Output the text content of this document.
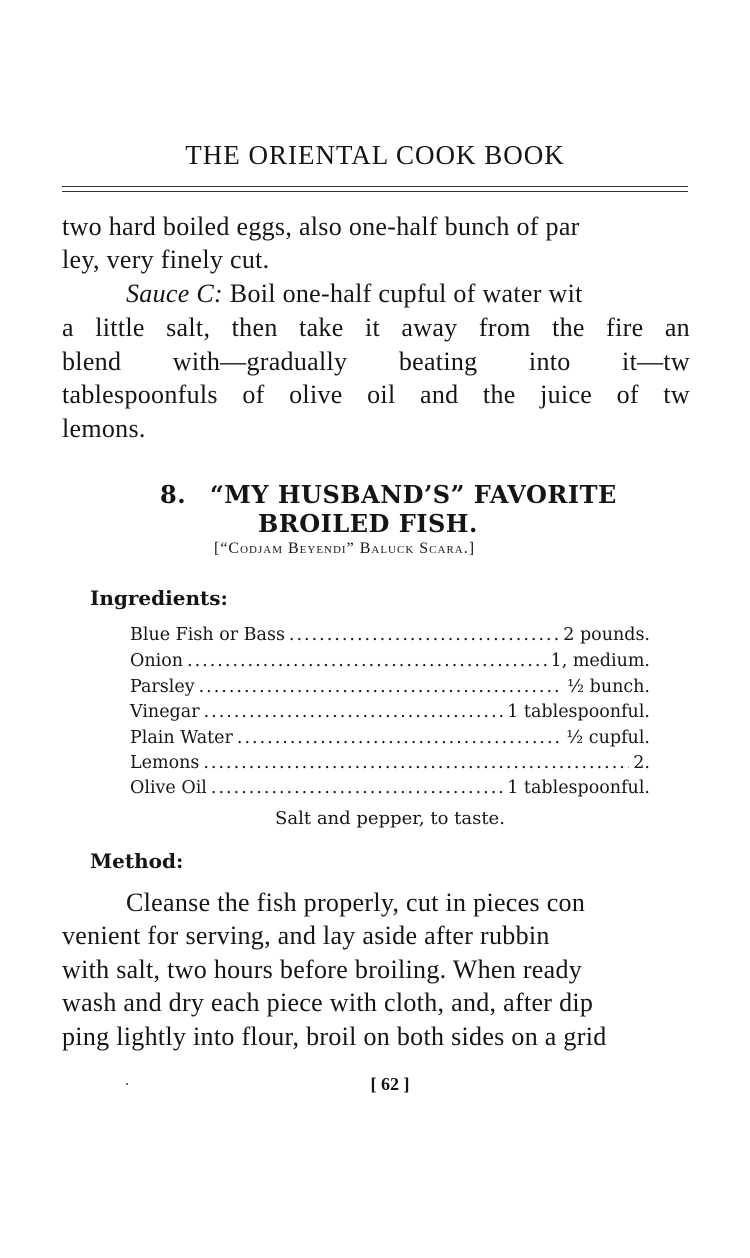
THE ORIENTAL COOK BOOK
two hard boiled eggs, also one-half bunch of par
ley, very finely cut.
Sauce C: Boil one-half cupful of water wit
a little salt, then take it away from the fire an
blend with—gradually beating into it—tw
tablespoonfuls of olive oil and the juice of tw
lemons.
8. “MY HUSBAND’S” FAVORITE
BROILED FISH.
[“Codjam Beyendi” Baluck Scara.]
Ingredients:
Blue Fish or Bass .....	2 pounds.
Onion .....	1, medium.
Parsley .....	½ bunch.
Vinegar .....	1 tablespoonful.
Plain Water .....	½ cupful.
Lemons .....	2.
Olive Oil .....	1 tablespoonful.
Salt and pepper, to taste.
Method:
Cleanse the fish properly, cut in pieces con
venient for serving, and lay aside after rubbin
with salt, two hours before broiling. When ready
wash and dry each piece with cloth, and, after dip
ping lightly into flour, broil on both sides on a grid
[ 62 ]
